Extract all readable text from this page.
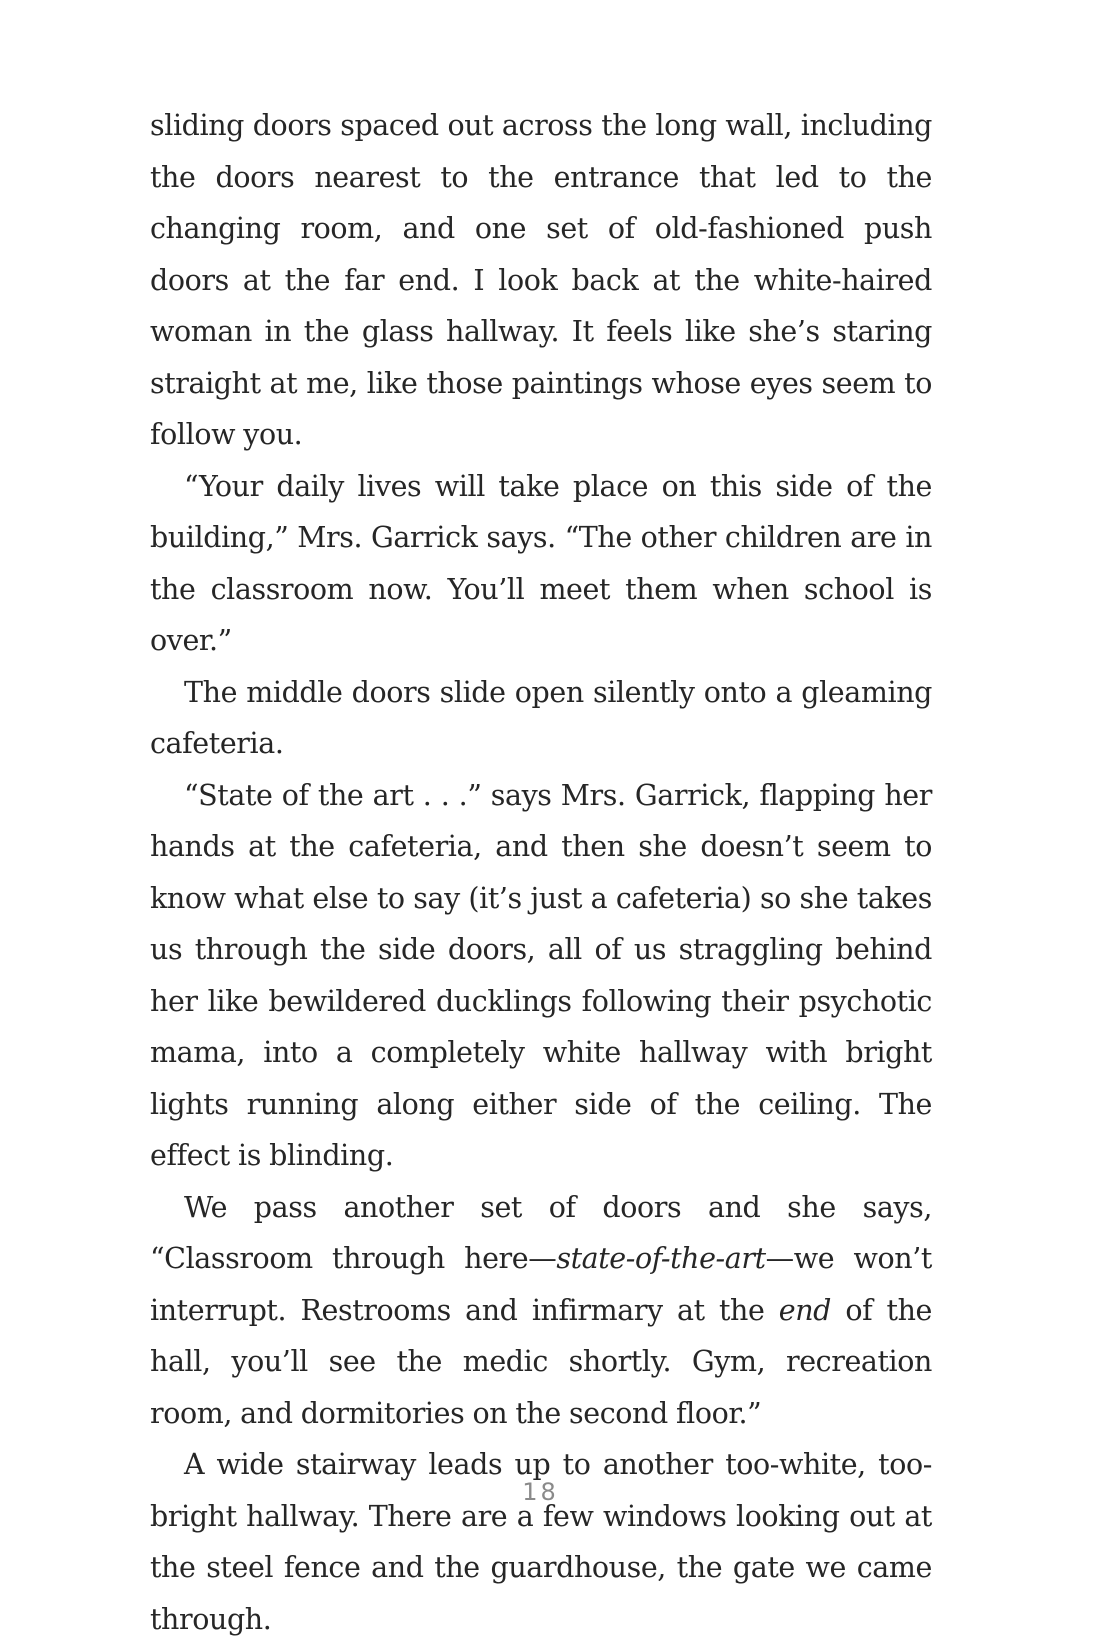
sliding doors spaced out across the long wall, including the doors nearest to the entrance that led to the changing room, and one set of old-fashioned push doors at the far end. I look back at the white-haired woman in the glass hallway. It feels like she’s staring straight at me, like those paintings whose eyes seem to follow you.

“Your daily lives will take place on this side of the building,” Mrs. Garrick says. “The other children are in the classroom now. You’ll meet them when school is over.”

The middle doors slide open silently onto a gleaming cafeteria.

“State of the art . . .” says Mrs. Garrick, flapping her hands at the cafeteria, and then she doesn’t seem to know what else to say (it’s just a cafeteria) so she takes us through the side doors, all of us straggling behind her like bewildered ducklings following their psychotic mama, into a completely white hallway with bright lights running along either side of the ceiling. The effect is blinding.

We pass another set of doors and she says, “Classroom through here—state-of-the-art—we won’t interrupt. Restrooms and infirmary at the end of the hall, you’ll see the medic shortly. Gym, recreation room, and dormitories on the second floor.”

A wide stairway leads up to another too-white, too-bright hallway. There are a few windows looking out at the steel fence and the guardhouse, the gate we came through.

18
